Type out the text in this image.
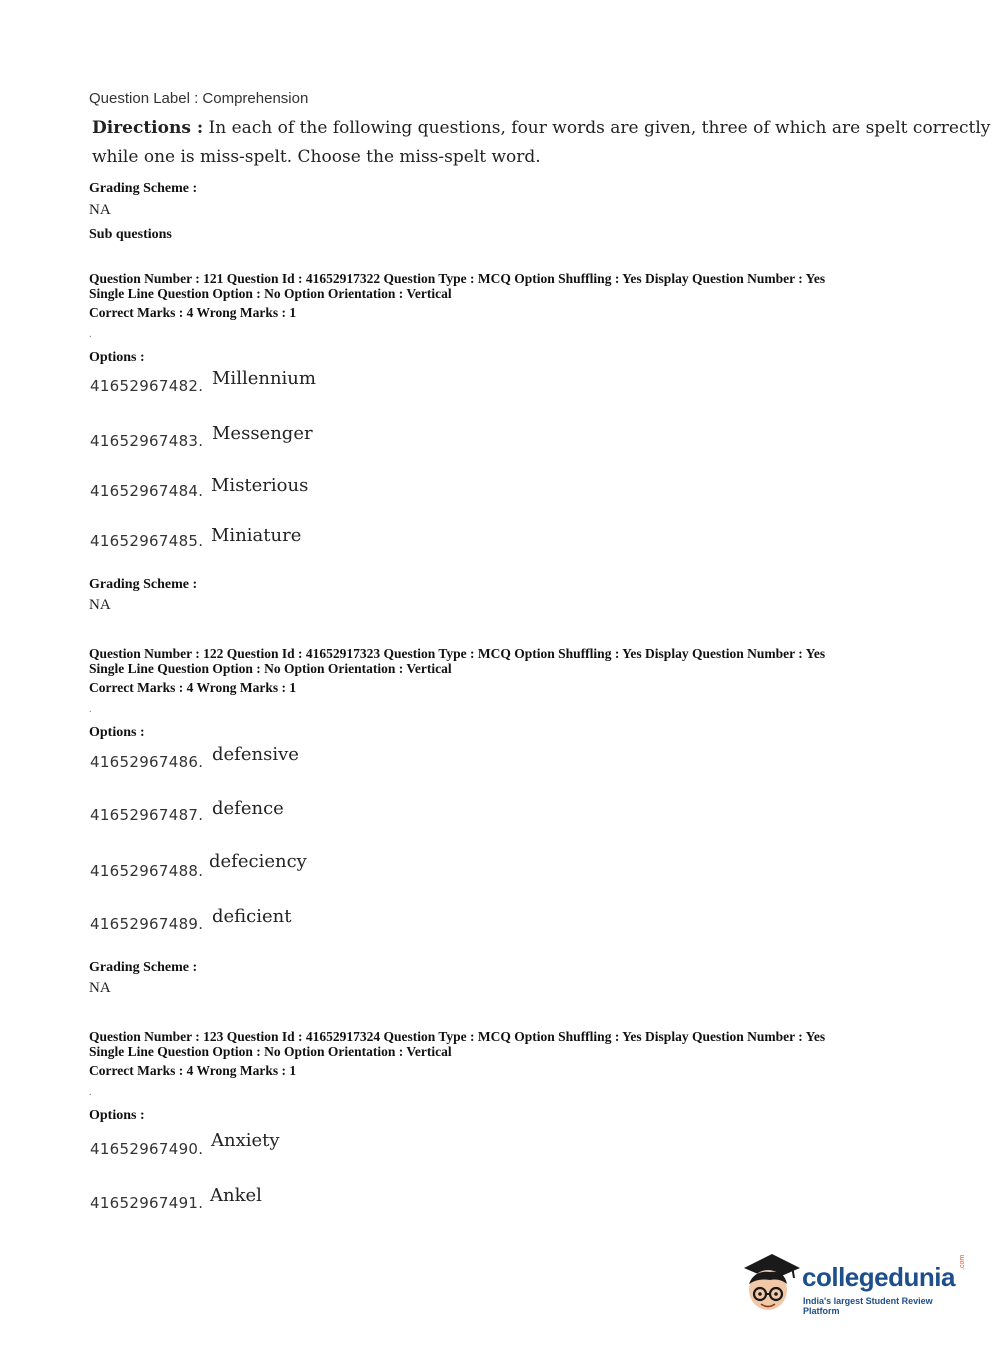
Question Label : Comprehension
Directions : In each of the following questions, four words are given, three of which are spelt correctly
while one is miss-spelt. Choose the miss-spelt word.
Grading Scheme :
NA
Sub questions
Question Number : 121 Question Id : 41652917322 Question Type : MCQ Option Shuffling : Yes Display Question Number : Yes
Single Line Question Option : No Option Orientation : Vertical
Correct Marks : 4 Wrong Marks : 1
.
Options :
41652967482. Millennium
41652967483. Messenger
41652967484. Misterious
41652967485. Miniature
Grading Scheme :
NA
Question Number : 122 Question Id : 41652917323 Question Type : MCQ Option Shuffling : Yes Display Question Number : Yes
Single Line Question Option : No Option Orientation : Vertical
Correct Marks : 4 Wrong Marks : 1
.
Options :
41652967486. defensive
41652967487. defence
41652967488. defeciency
41652967489. deficient
Grading Scheme :
NA
Question Number : 123 Question Id : 41652917324 Question Type : MCQ Option Shuffling : Yes Display Question Number : Yes
Single Line Question Option : No Option Orientation : Vertical
Correct Marks : 4 Wrong Marks : 1
.
Options :
41652967490. Anxiety
41652967491. Ankel
collegedunia
India's largest Student Review Platform
.com
